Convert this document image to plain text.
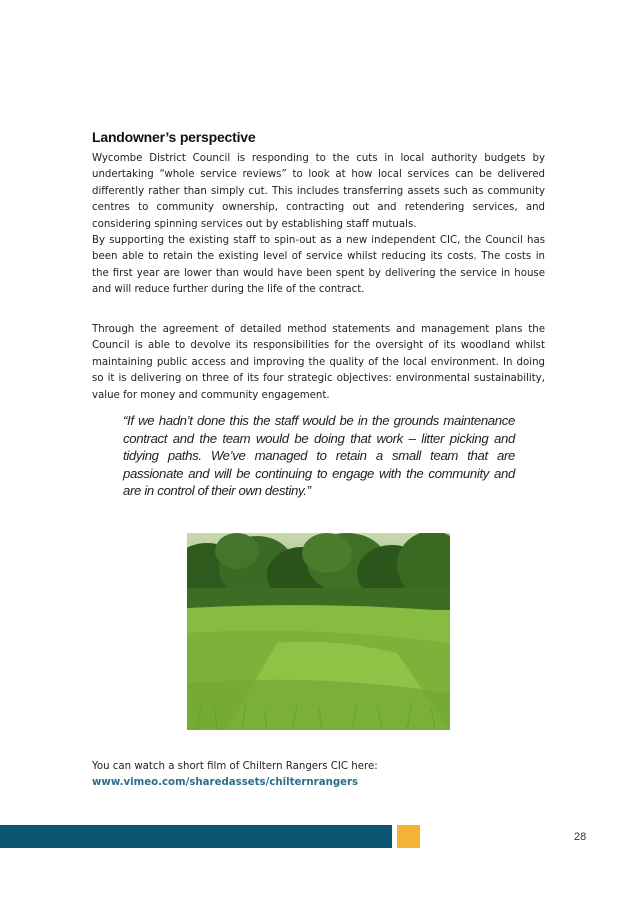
Landowner’s perspective

Wycombe District Council is responding to the cuts in local authority budgets by undertaking “whole service reviews” to look at how local services can be delivered differently rather than simply cut. This includes transferring assets such as community centres to community ownership, contracting out and retendering services, and considering spinning services out by establishing staff mutuals.

By supporting the existing staff to spin-out as a new independent CIC, the Council has been able to retain the existing level of service whilst reducing its costs. The costs in the first year are lower than would have been spent by delivering the service in house and will reduce further during the life of the contract.

Through the agreement of detailed method statements and management plans the Council is able to devolve its responsibilities for the oversight of its woodland whilst maintaining public access and improving the quality of the local environment. In doing so it is delivering on three of its four strategic objectives: environmental sustainability, value for money and community engagement.

“If we hadn’t done this the staff would be in the grounds maintenance contract and the team would be doing that work – litter picking and tidying paths. We’ve managed to retain a small team that are passionate and will be continuing to engage with the community and are in control of their own destiny.”

You can watch a short film of Chiltern Rangers CIC here:
www.vimeo.com/sharedassets/chilternrangers
28
